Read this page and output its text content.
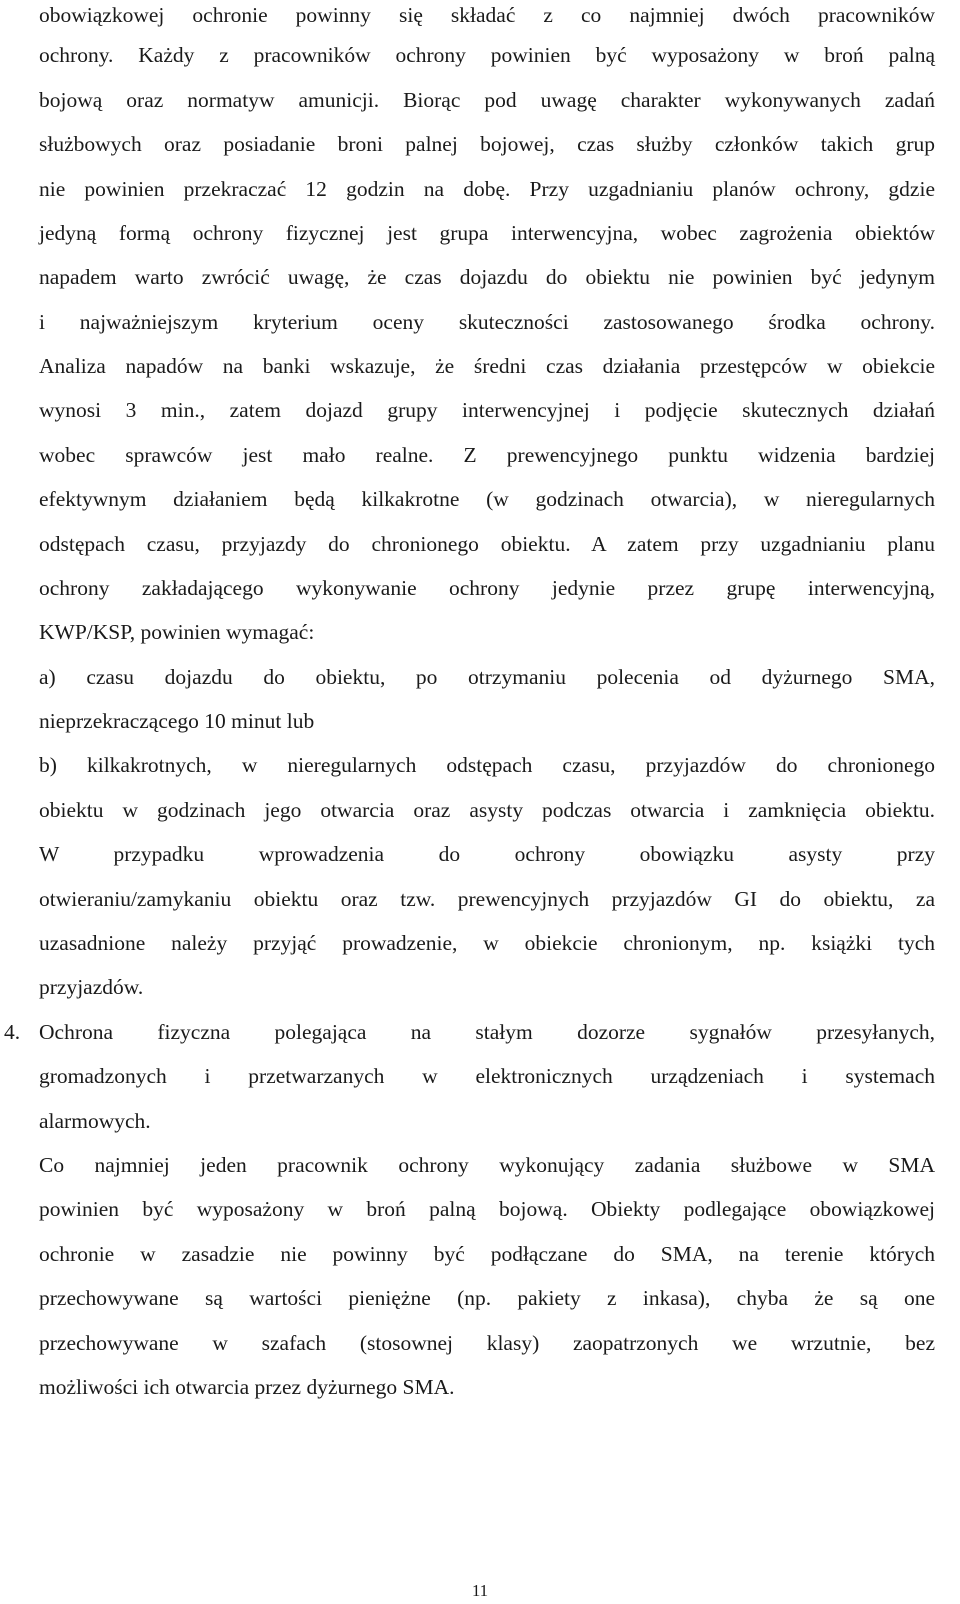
obowiązkowej ochronie powinny się składać z co najmniej dwóch pracowników
ochrony. Każdy z pracowników ochrony powinien być wyposażony w broń palną
bojową oraz normatyw amunicji. Biorąc pod uwagę charakter wykonywanych zadań
służbowych oraz posiadanie broni palnej bojowej, czas służby członków takich grup
nie powinien przekraczać 12 godzin na dobę. Przy uzgadnianiu planów ochrony, gdzie
jedyną formą ochrony fizycznej jest grupa interwencyjna, wobec zagrożenia obiektów
napadem warto zwrócić uwagę, że czas dojazdu do obiektu nie powinien być jedynym
i najważniejszym kryterium oceny skuteczności zastosowanego środka ochrony.
Analiza napadów na banki wskazuje, że średni czas działania przestępców w obiekcie
wynosi 3 min., zatem dojazd grupy interwencyjnej i podjęcie skutecznych działań
wobec sprawców jest mało realne. Z prewencyjnego punktu widzenia bardziej
efektywnym działaniem będą kilkakrotne (w godzinach otwarcia), w nieregularnych
odstępach czasu, przyjazdy do chronionego obiektu. A zatem przy uzgadnianiu planu
ochrony zakładającego wykonywanie ochrony jedynie przez grupę interwencyjną,
KWP/KSP, powinien wymagać:
a) czasu dojazdu do obiektu, po otrzymaniu polecenia od dyżurnego SMA,
nieprzekraczącego 10 minut lub
b) kilkakrotnych, w nieregularnych odstępach czasu, przyjazdów do chronionego
obiektu w godzinach jego otwarcia oraz asysty podczas otwarcia i zamknięcia obiektu.
W przypadku wprowadzenia do ochrony obowiązku asysty przy
otwieraniu/zamykaniu obiektu oraz tzw. prewencyjnych przyjazdów GI do obiektu, za
uzasadnione należy przyjąć prowadzenie, w obiekcie chronionym, np. książki tych
przyjazdów.
4. Ochrona fizyczna polegająca na stałym dozorze sygnałów przesyłanych,
gromadzonych i przetwarzanych w elektronicznych urządzeniach i systemach
alarmowych.
Co najmniej jeden pracownik ochrony wykonujący zadania służbowe w SMA
powinien być wyposażony w broń palną bojową. Obiekty podlegające obowiązkowej
ochronie w zasadzie nie powinny być podłączane do SMA, na terenie których
przechowywane są wartości pieniężne (np. pakiety z inkasa), chyba że są one
przechowywane w szafach (stosownej klasy) zaopatrzonych we wrzutnie, bez
możliwości ich otwarcia przez dyżurnego SMA.
11
